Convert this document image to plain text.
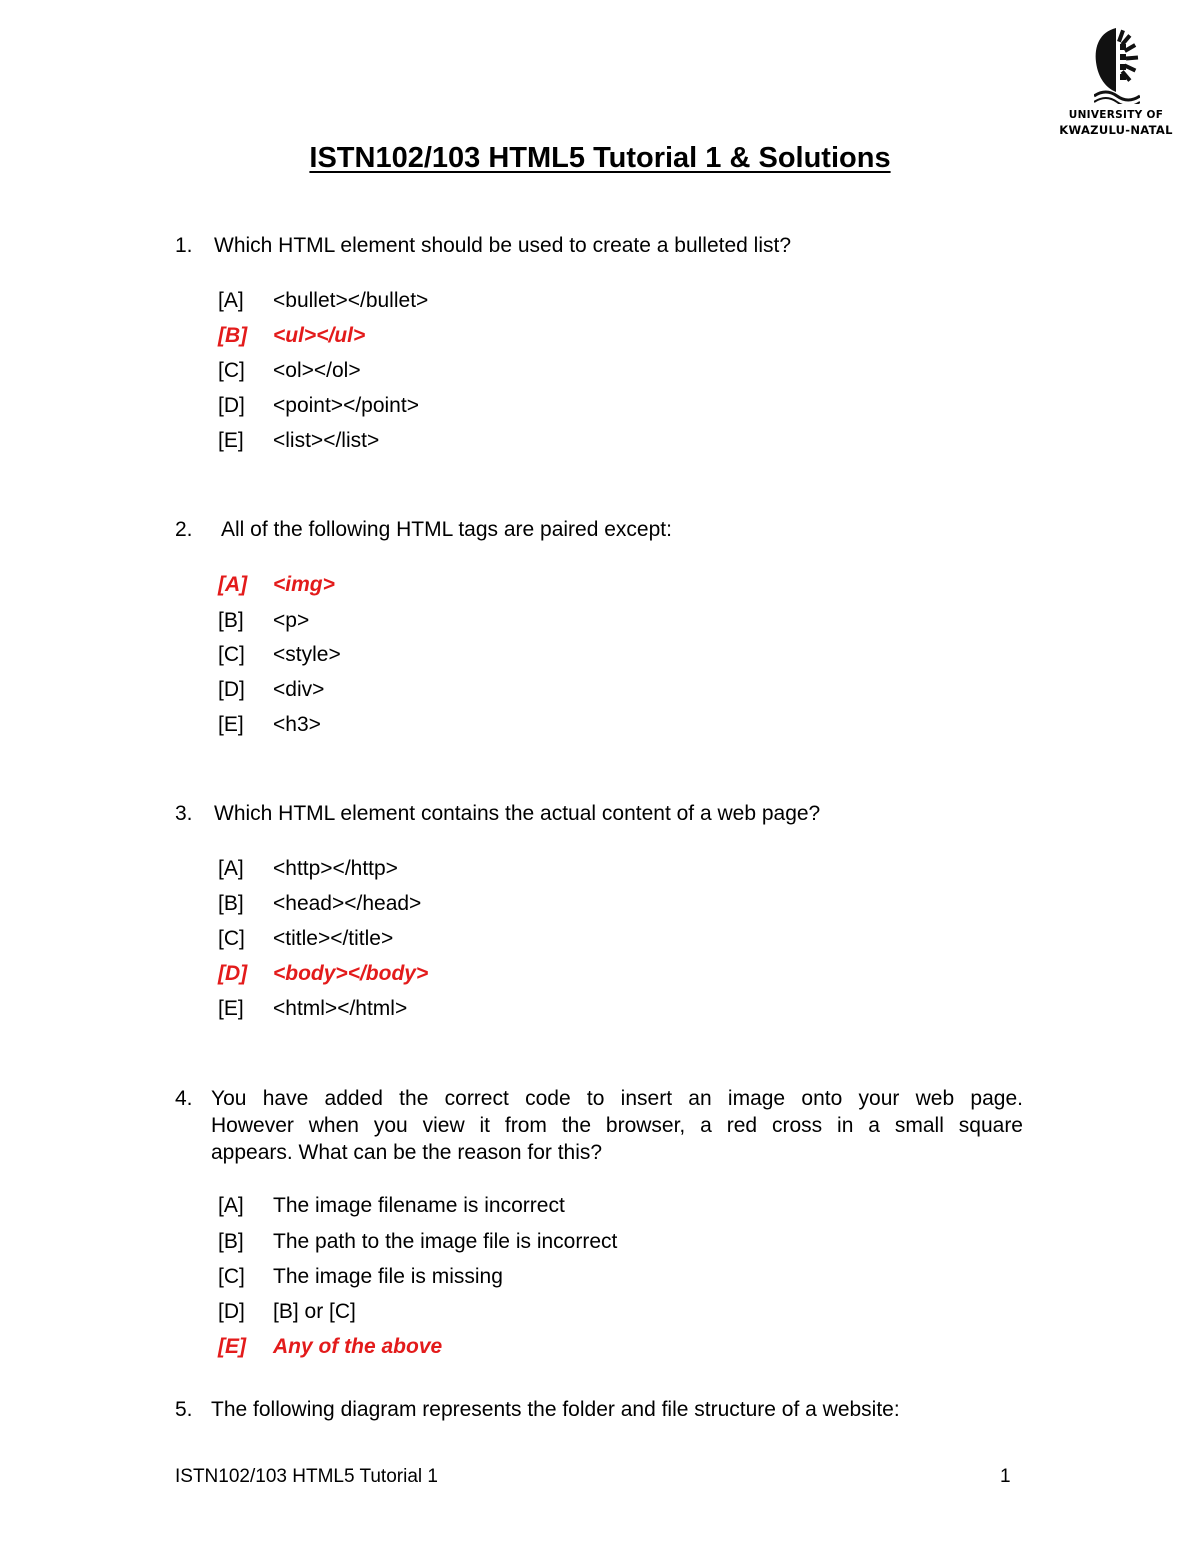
UNIVERSITY OF
KWAZULU-NATAL
ISTN102/103 HTML5 Tutorial 1 & Solutions
1. Which HTML element should be used to create a bulleted list?
[A] <bullet></bullet>
[B] <ul></ul>
[C] <ol></ol>
[D] <point></point>
[E] <list></list>
2. All of the following HTML tags are paired except:
[A] <img>
[B] <p>
[C] <style>
[D] <div>
[E] <h3>
3. Which HTML element contains the actual content of a web page?
[A] <http></http>
[B] <head></head>
[C] <title></title>
[D] <body></body>
[E] <html></html>
4. You have added the correct code to insert an image onto your web page.
However when you view it from the browser, a red cross in a small square
appears. What can be the reason for this?
[A] The image filename is incorrect
[B] The path to the image file is incorrect
[C] The image file is missing
[D] [B] or [C]
[E] Any of the above
5. The following diagram represents the folder and file structure of a website:
ISTN102/103 HTML5 Tutorial 1	1
